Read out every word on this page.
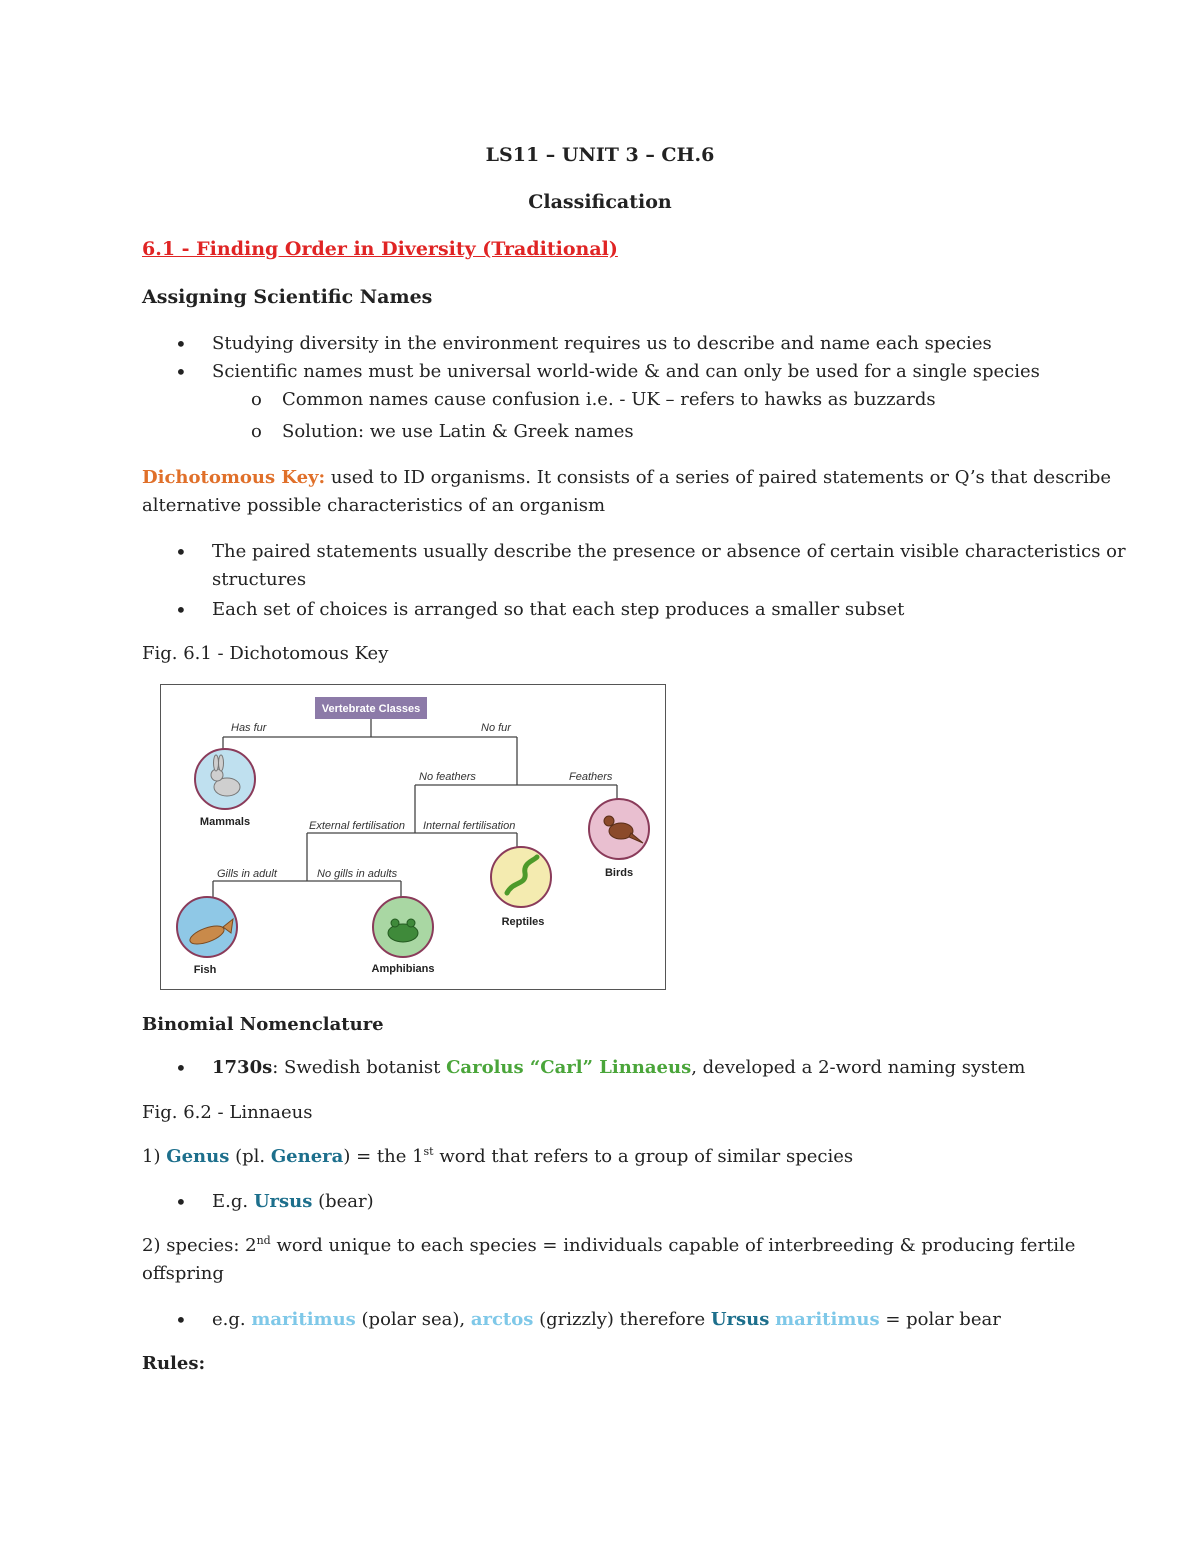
LS11 – UNIT 3 – CH.6
Classification
6.1 - Finding Order in Diversity (Traditional)
Assigning Scientific Names
• Studying diversity in the environment requires us to describe and name each species
• Scientific names must be universal world-wide & and can only be used for a single species
o Common names cause confusion i.e. - UK – refers to hawks as buzzards
o Solution: we use Latin & Greek names
Dichotomous Key: used to ID organisms. It consists of a series of paired statements or Q’s that describe
alternative possible characteristics of an organism
• The paired statements usually describe the presence or absence of certain visible characteristics or
structures
• Each set of choices is arranged so that each step produces a smaller subset
Fig. 6.1 - Dichotomous Key
Vertebrate Classes
Has fur	No fur
No feathers	Feathers
External fertilisation Internal fertilisation
Gills in adult	No gills in adults
Mammals
Birds
Reptiles
Fish	Amphibians
Binomial Nomenclature
• 1730s: Swedish botanist Carolus “Carl” Linnaeus, developed a 2-word naming system
Fig. 6.2 - Linnaeus
1) Genus (pl. Genera) = the 1st word that refers to a group of similar species
• E.g. Ursus (bear)
2) species: 2nd word unique to each species = individuals capable of interbreeding & producing fertile
offspring
• e.g. maritimus (polar sea), arctos (grizzly) therefore Ursus maritimus = polar bear
Rules:
